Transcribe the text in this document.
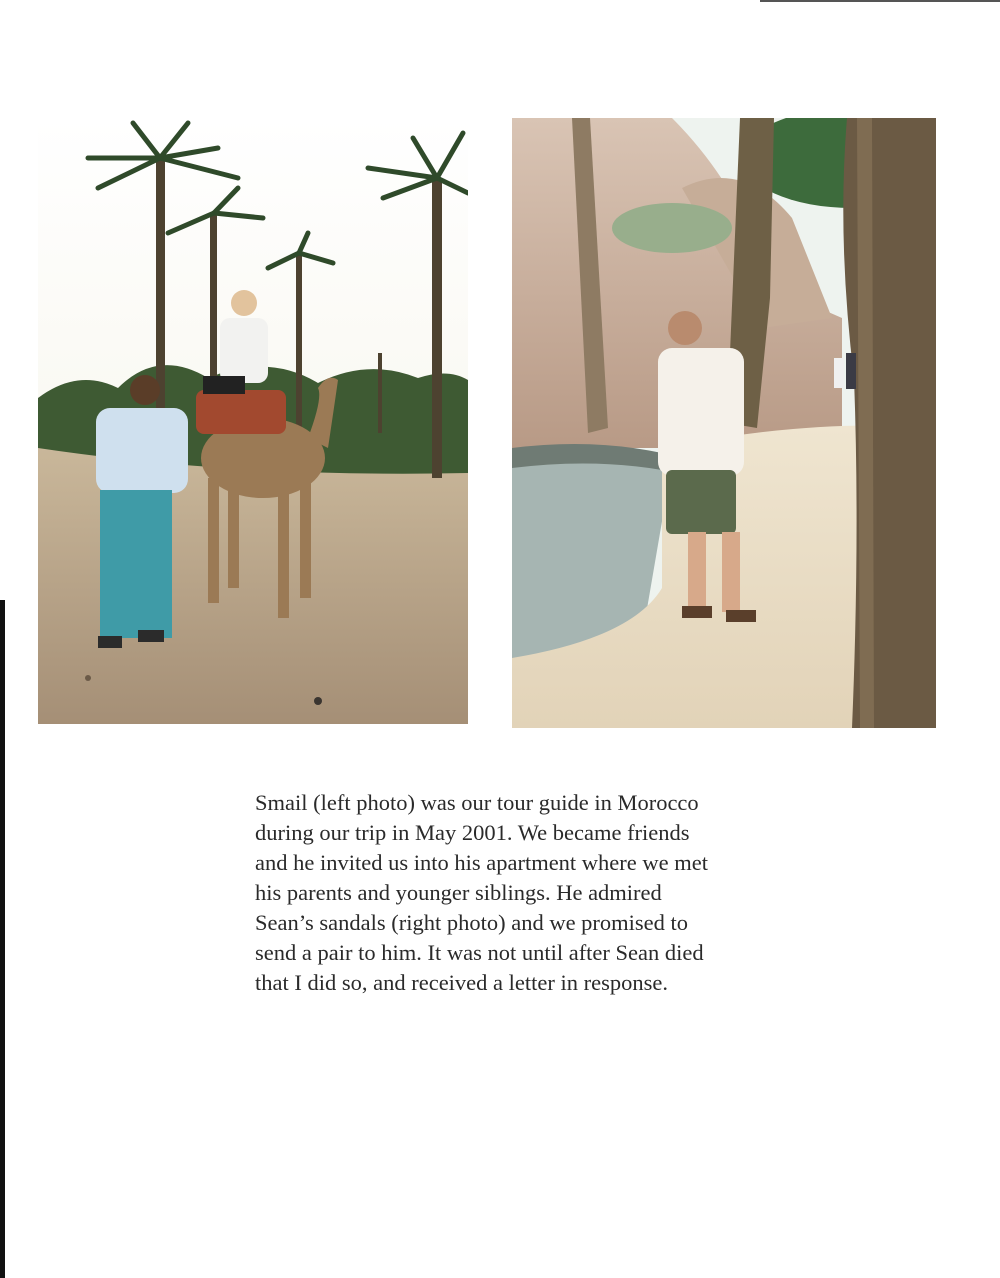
Smail (left photo) was our tour guide in Morocco
during our trip in May 2001. We became friends
and he invited us into his apartment where we met
his parents and younger siblings. He admired
Sean’s sandals (right photo) and we promised to
send a pair to him. It was not until after Sean died
that I did so, and received a letter in response.
